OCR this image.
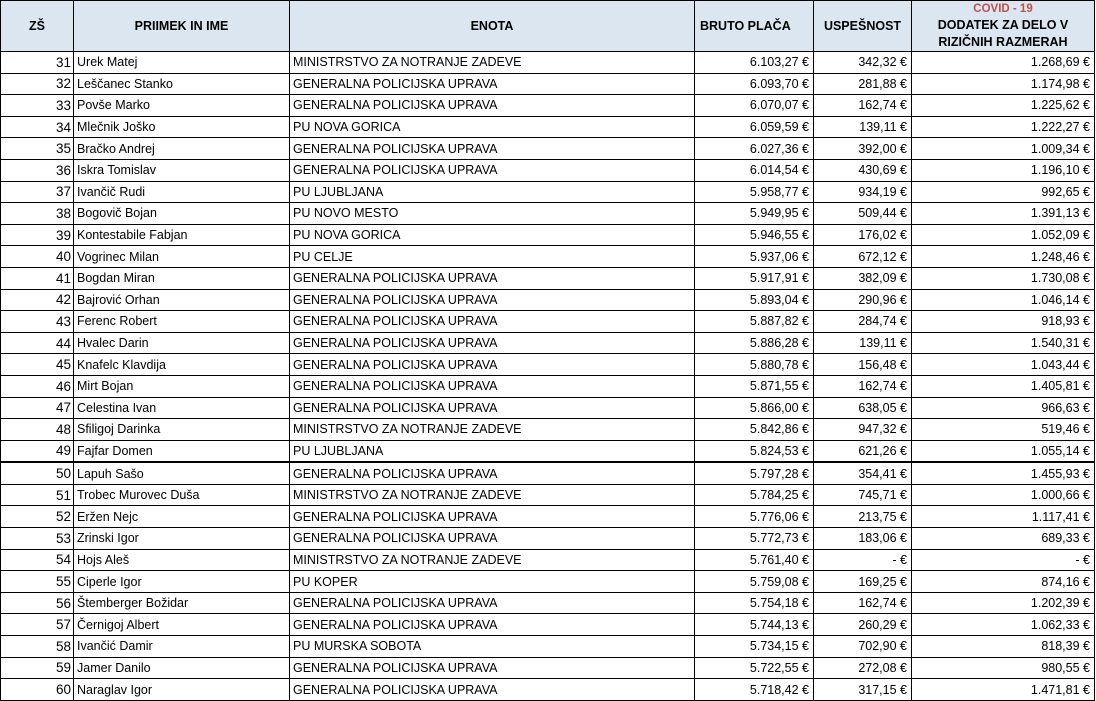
ZŠ	PRIIMEK IN IME	ENOTA	BRUTO PLAČA	USPEŠNOST	COVID - 19
DODATEK ZA DELO V
RIZIČNIH RAZMERAH

31	Urek Matej	MINISTRSTVO ZA NOTRANJE ZADEVE	6.103,27 €	342,32 €	1.268,69 €
32	Leščanec Stanko	GENERALNA POLICIJSKA UPRAVA	6.093,70 €	281,88 €	1.174,98 €
33	Povše Marko	GENERALNA POLICIJSKA UPRAVA	6.070,07 €	162,74 €	1.225,62 €
34	Mlečnik Joško	PU NOVA GORICA	6.059,59 €	139,11 €	1.222,27 €
35	Bračko Andrej	GENERALNA POLICIJSKA UPRAVA	6.027,36 €	392,00 €	1.009,34 €
36	Iskra Tomislav	GENERALNA POLICIJSKA UPRAVA	6.014,54 €	430,69 €	1.196,10 €
37	Ivančič Rudi	PU LJUBLJANA	5.958,77 €	934,19 €	992,65 €
38	Bogovič Bojan	PU NOVO MESTO	5.949,95 €	509,44 €	1.391,13 €
39	Kontestabile Fabjan	PU NOVA GORICA	5.946,55 €	176,02 €	1.052,09 €
40	Vogrinec Milan	PU CELJE	5.937,06 €	672,12 €	1.248,46 €
41	Bogdan Miran	GENERALNA POLICIJSKA UPRAVA	5.917,91 €	382,09 €	1.730,08 €
42	Bajrović Orhan	GENERALNA POLICIJSKA UPRAVA	5.893,04 €	290,96 €	1.046,14 €
43	Ferenc Robert	GENERALNA POLICIJSKA UPRAVA	5.887,82 €	284,74 €	918,93 €
44	Hvalec Darin	GENERALNA POLICIJSKA UPRAVA	5.886,28 €	139,11 €	1.540,31 €
45	Knafelc Klavdija	GENERALNA POLICIJSKA UPRAVA	5.880,78 €	156,48 €	1.043,44 €
46	Mirt Bojan	GENERALNA POLICIJSKA UPRAVA	5.871,55 €	162,74 €	1.405,81 €
47	Celestina Ivan	GENERALNA POLICIJSKA UPRAVA	5.866,00 €	638,05 €	966,63 €
48	Sfiligoj Darinka	MINISTRSTVO ZA NOTRANJE ZADEVE	5.842,86 €	947,32 €	519,46 €
49	Fajfar Domen	PU LJUBLJANA	5.824,53 €	621,26 €	1.055,14 €
50	Lapuh Sašo	GENERALNA POLICIJSKA UPRAVA	5.797,28 €	354,41 €	1.455,93 €
51	Trobec Murovec Duša	MINISTRSTVO ZA NOTRANJE ZADEVE	5.784,25 €	745,71 €	1.000,66 €
52	Eržen Nejc	GENERALNA POLICIJSKA UPRAVA	5.776,06 €	213,75 €	1.117,41 €
53	Zrinski Igor	GENERALNA POLICIJSKA UPRAVA	5.772,73 €	183,06 €	689,33 €
54	Hojs Aleš	MINISTRSTVO ZA NOTRANJE ZADEVE	5.761,40 €	- €	- €
55	Ciperle Igor	PU KOPER	5.759,08 €	169,25 €	874,16 €
56	Štemberger Božidar	GENERALNA POLICIJSKA UPRAVA	5.754,18 €	162,74 €	1.202,39 €
57	Černigoj Albert	GENERALNA POLICIJSKA UPRAVA	5.744,13 €	260,29 €	1.062,33 €
58	Ivančić Damir	PU MURSKA SOBOTA	5.734,15 €	702,90 €	818,39 €
59	Jamer Danilo	GENERALNA POLICIJSKA UPRAVA	5.722,55 €	272,08 €	980,55 €
60	Naraglav Igor	GENERALNA POLICIJSKA UPRAVA	5.718,42 €	317,15 €	1.471,81 €
